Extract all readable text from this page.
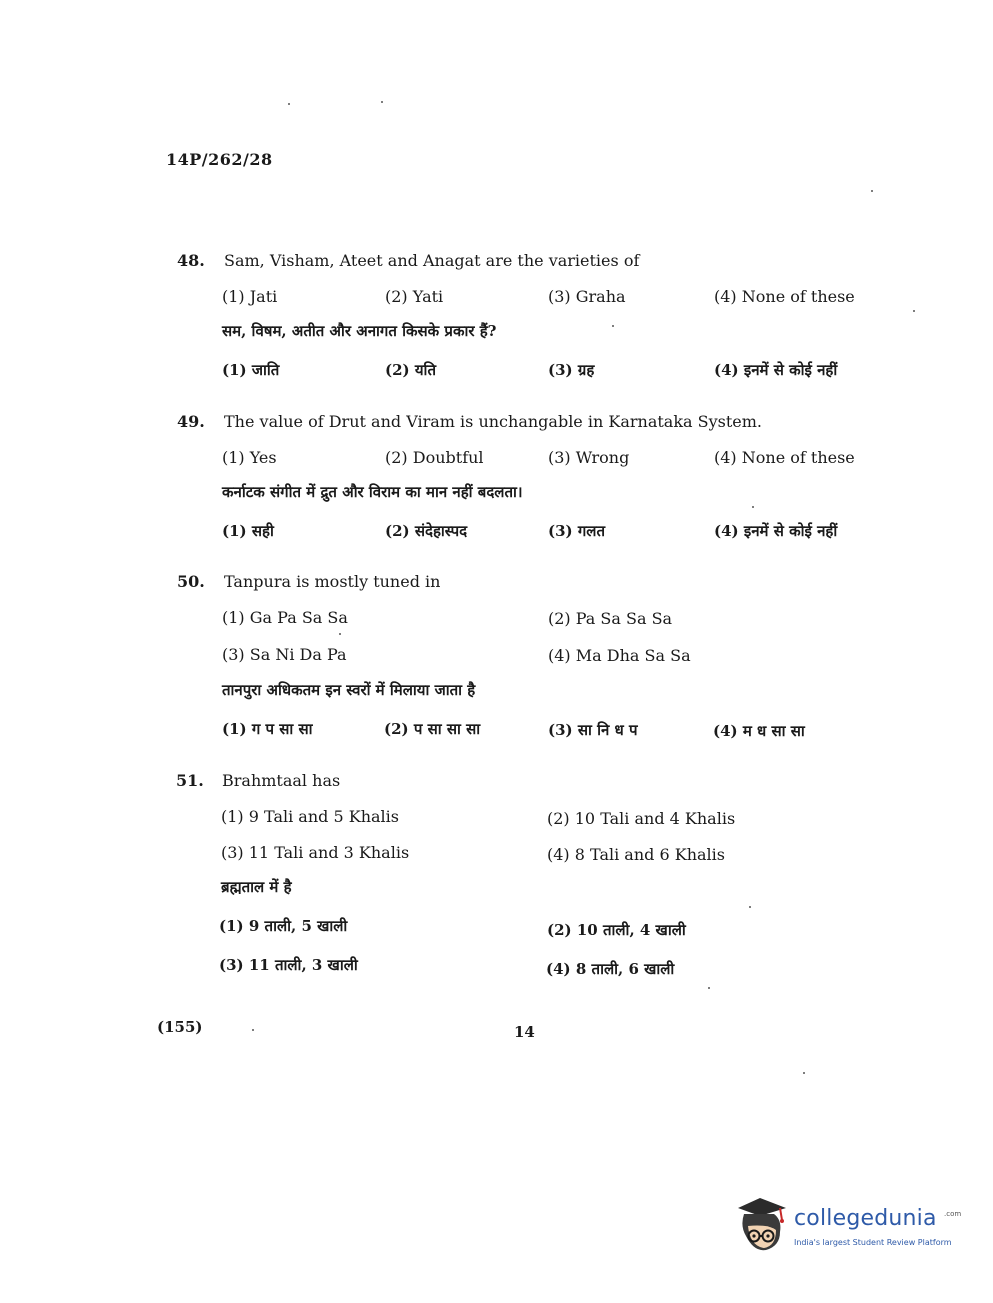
14P/262/28
48. Sam, Visham, Ateet and Anagat are the varieties of
(1) Jati	(2) Yati	(3) Graha	(4) None of these
सम, विषम, अतीत और अनागत किसके प्रकार हैं?
(1) जाति	(2) यति	(3) ग्रह	(4) इनमें से कोई नहीं
49. The value of Drut and Viram is unchangable in Karnataka System.
(1) Yes	(2) Doubtful	(3) Wrong	(4) None of these
कर्नाटक संगीत में द्रुत और विराम का मान नहीं बदलता।
(1) सही	(2) संदेहास्पद	(3) गलत	(4) इनमें से कोई नहीं
50. Tanpura is mostly tuned in
(1) Ga Pa Sa Sa	(2) Pa Sa Sa Sa
(3) Sa Ni Da Pa	(4) Ma Dha Sa Sa
तानपुरा अधिकतम इन स्वरों में मिलाया जाता है
(1) ग प सा सा	(2) प सा सा सा	(3) सा नि ध प	(4) म ध सा सा
51. Brahmtaal has
(1) 9 Tali and 5 Khalis	(2) 10 Tali and 4 Khalis
(3) 11 Tali and 3 Khalis	(4) 8 Tali and 6 Khalis
ब्रह्मताल में है
(1) 9 ताली, 5 खाली	(2) 10 ताली, 4 खाली
(3) 11 ताली, 3 खाली	(4) 8 ताली, 6 खाली
(155)	14
collegedunia .com
India's largest Student Review Platform
